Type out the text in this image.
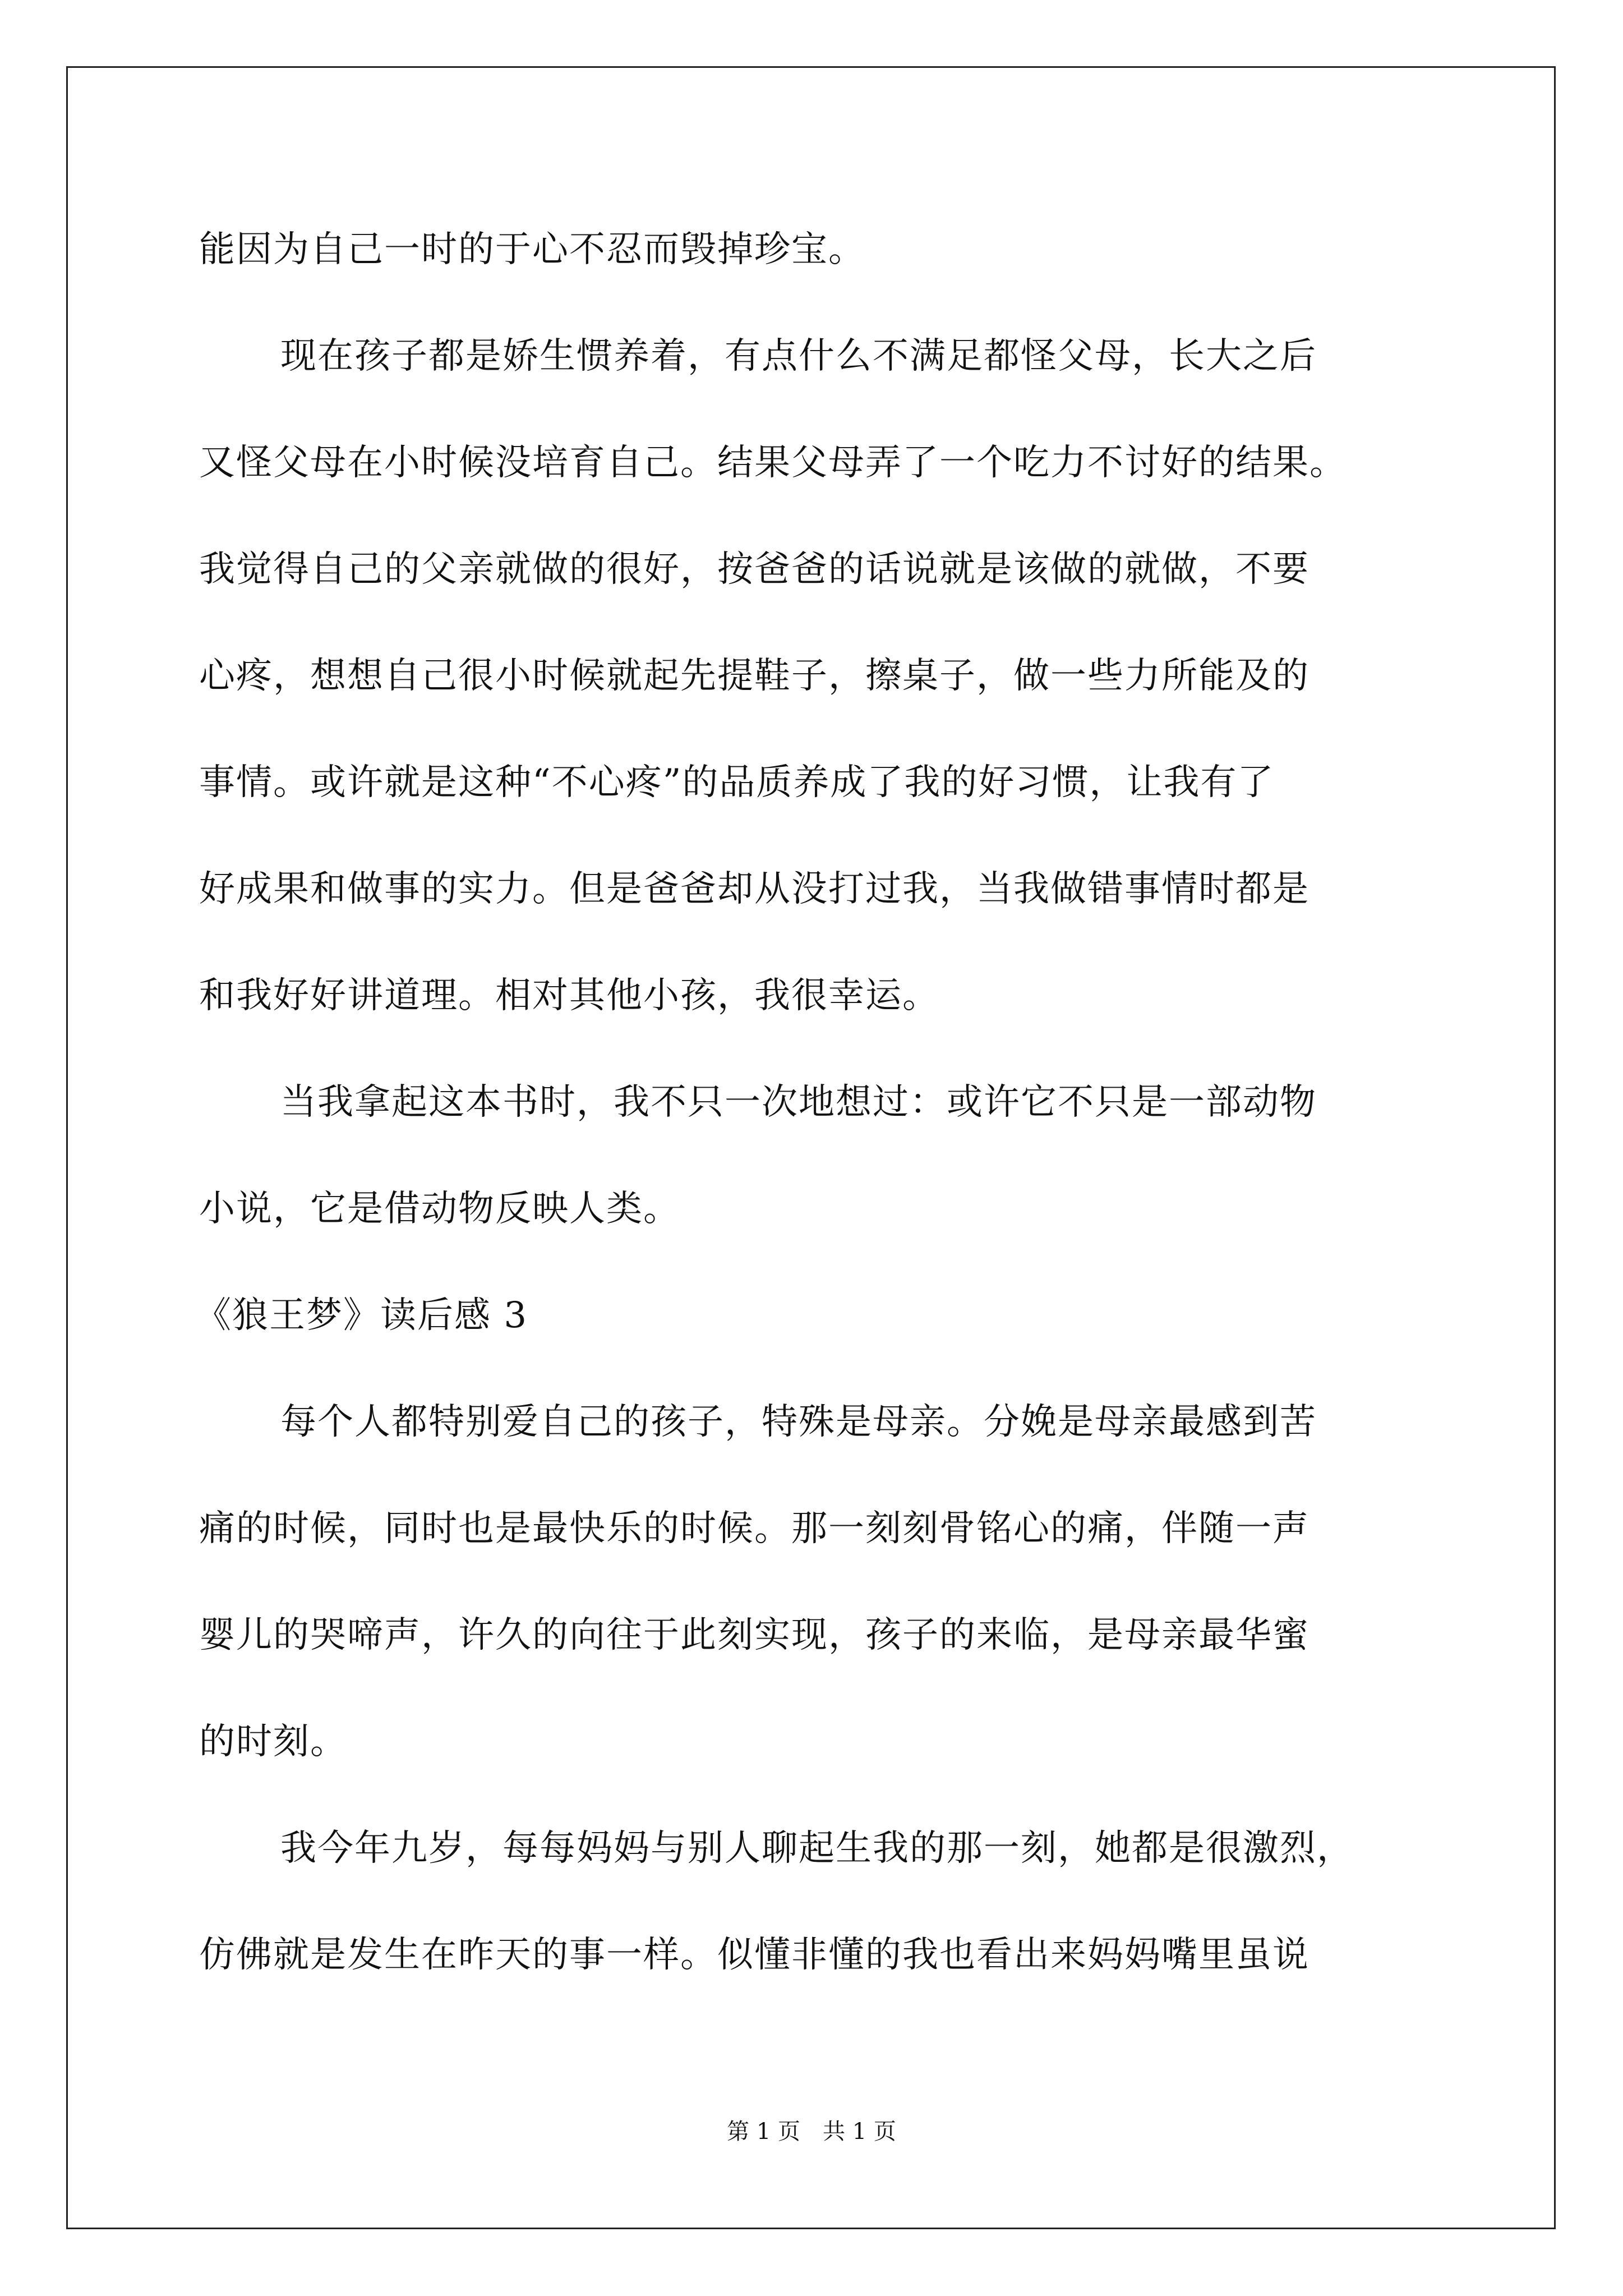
能因为自己一时的于心不忍而毁掉珍宝。
现在孩子都是娇生惯养着，有点什么不满足都怪父母，长大之后
又怪父母在小时候没培育自己。结果父母弄了一个吃力不讨好的结果。
我觉得自己的父亲就做的很好，按爸爸的话说就是该做的就做，不要
心疼，想想自己很小时候就起先提鞋子，擦桌子，做一些力所能及的
事情。或许就是这种“不心疼”的品质养成了我的好习惯，让我有了
好成果和做事的实力。但是爸爸却从没打过我，当我做错事情时都是
和我好好讲道理。相对其他小孩，我很幸运。
当我拿起这本书时，我不只一次地想过：或许它不只是一部动物
小说，它是借动物反映人类。
《狼王梦》读后感 3
每个人都特别爱自己的孩子，特殊是母亲。分娩是母亲最感到苦
痛的时候，同时也是最快乐的时候。那一刻刻骨铭心的痛，伴随一声
婴儿的哭啼声，许久的向往于此刻实现，孩子的来临，是母亲最华蜜
的时刻。
我今年九岁，每每妈妈与别人聊起生我的那一刻，她都是很激烈，
仿佛就是发生在昨天的事一样。似懂非懂的我也看出来妈妈嘴里虽说
第 1 页　共 1 页
